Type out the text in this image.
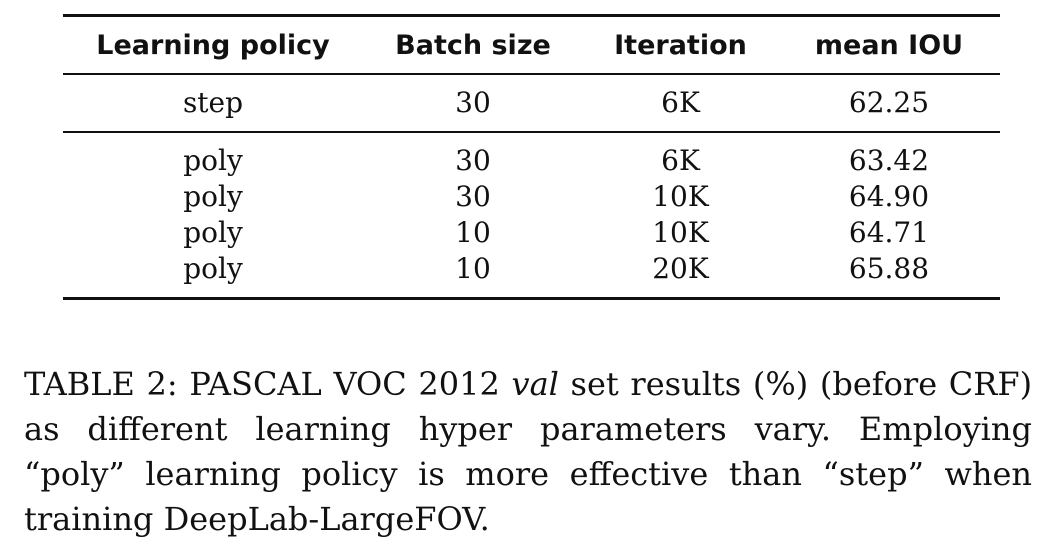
Learning policy	Batch size	Iteration	mean IOU
step	30	6K	62.25
poly	30	6K	63.42
poly	30	10K	64.90
poly	10	10K	64.71
poly	10	20K	65.88

TABLE 2: PASCAL VOC 2012 val set results (%) (before CRF) as different learning hyper parameters vary. Employing “poly” learning policy is more effective than “step” when training DeepLab-LargeFOV.
